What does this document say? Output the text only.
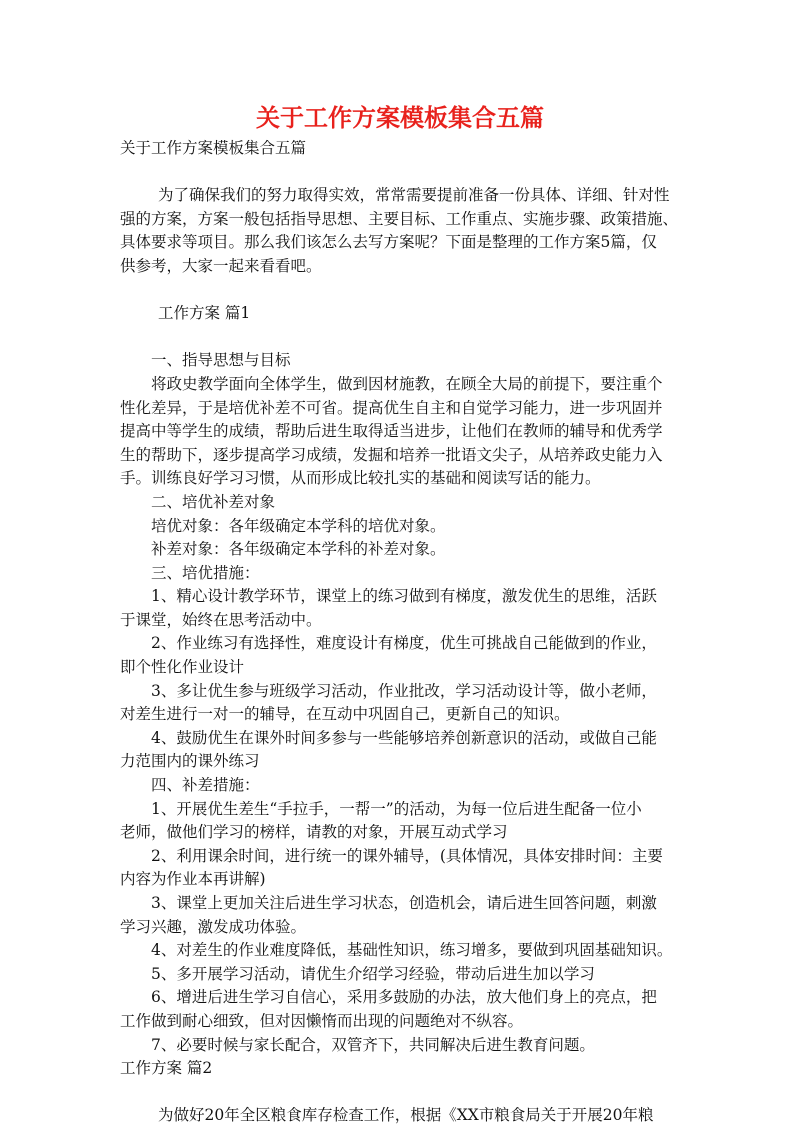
关于工作方案模板集合五篇
关于工作方案模板集合五篇
为了确保我们的努力取得实效，常常需要提前准备一份具体、详细、针对性
强的方案，方案一般包括指导思想、主要目标、工作重点、实施步骤、政策措施、
具体要求等项目。那么我们该怎么去写方案呢？下面是整理的工作方案5篇，仅
供参考，大家一起来看看吧。
工作方案 篇1
一、指导思想与目标
将政史教学面向全体学生，做到因材施教，在顾全大局的前提下，要注重个
性化差异，于是培优补差不可省。提高优生自主和自觉学习能力，进一步巩固并
提高中等学生的成绩，帮助后进生取得适当进步，让他们在教师的辅导和优秀学
生的帮助下，逐步提高学习成绩，发掘和培养一批语文尖子，从培养政史能力入
手。训练良好学习习惯，从而形成比较扎实的基础和阅读写话的能力。
二、培优补差对象
培优对象：各年级确定本学科的培优对象。
补差对象：各年级确定本学科的补差对象。
三、培优措施：
1、精心设计教学环节，课堂上的练习做到有梯度，激发优生的思维，活跃
于课堂，始终在思考活动中。
2、作业练习有选择性，难度设计有梯度，优生可挑战自己能做到的作业，
即个性化作业设计
3、多让优生参与班级学习活动，作业批改，学习活动设计等，做小老师，
对差生进行一对一的辅导，在互动中巩固自己，更新自己的知识。
4、鼓励优生在课外时间多参与一些能够培养创新意识的活动，或做自己能
力范围内的课外练习
四、补差措施：
1、开展优生差生“手拉手，一帮一”的活动，为每一位后进生配备一位小
老师，做他们学习的榜样，请教的对象，开展互动式学习
2、利用课余时间，进行统一的课外辅导，(具体情况，具体安排时间：主要
内容为作业本再讲解)
3、课堂上更加关注后进生学习状态，创造机会，请后进生回答问题，刺激
学习兴趣，激发成功体验。
4、对差生的作业难度降低，基础性知识，练习增多，要做到巩固基础知识。
5、多开展学习活动，请优生介绍学习经验，带动后进生加以学习
6、增进后进生学习自信心，采用多鼓励的办法，放大他们身上的亮点，把
工作做到耐心细致，但对因懒惰而出现的问题绝对不纵容。
7、必要时候与家长配合，双管齐下，共同解决后进生教育问题。
工作方案 篇2
为做好20年全区粮食库存检查工作，根据《XX市粮食局关于开展20年粮
